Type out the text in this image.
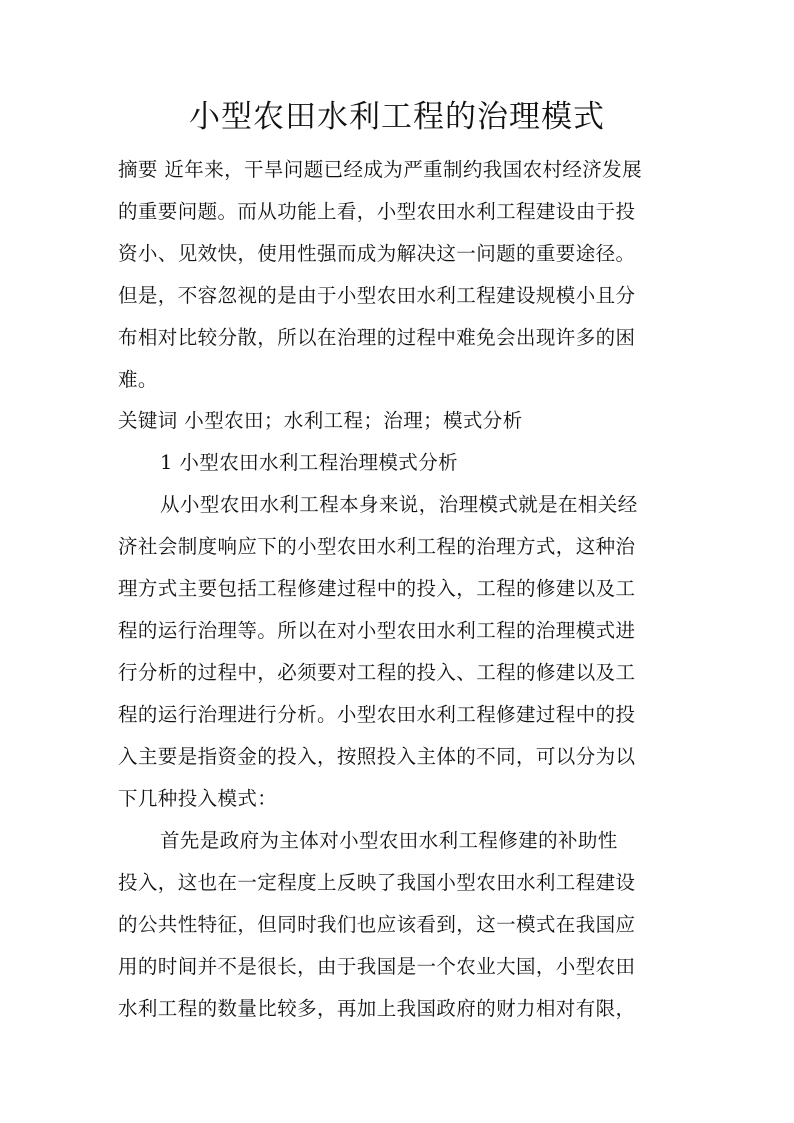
小型农田水利工程的治理模式

摘要 近年来，干旱问题已经成为严重制约我国农村经济发展

的重要问题。而从功能上看，小型农田水利工程建设由于投

资小、见效快，使用性强而成为解决这一问题的重要途径。

但是，不容忽视的是由于小型农田水利工程建设规模小且分

布相对比较分散，所以在治理的过程中难免会出现许多的困

难。

关键词 小型农田；水利工程；治理；模式分析

1 小型农田水利工程治理模式分析

从小型农田水利工程本身来说，治理模式就是在相关经

济社会制度响应下的小型农田水利工程的治理方式，这种治

理方式主要包括工程修建过程中的投入，工程的修建以及工

程的运行治理等。所以在对小型农田水利工程的治理模式进

行分析的过程中，必须要对工程的投入、工程的修建以及工

程的运行治理进行分析。小型农田水利工程修建过程中的投

入主要是指资金的投入，按照投入主体的不同，可以分为以

下几种投入模式：

首先是政府为主体对小型农田水利工程修建的补助性

投入，这也在一定程度上反映了我国小型农田水利工程建设

的公共性特征，但同时我们也应该看到，这一模式在我国应

用的时间并不是很长，由于我国是一个农业大国，小型农田

水利工程的数量比较多，再加上我国政府的财力相对有限，
